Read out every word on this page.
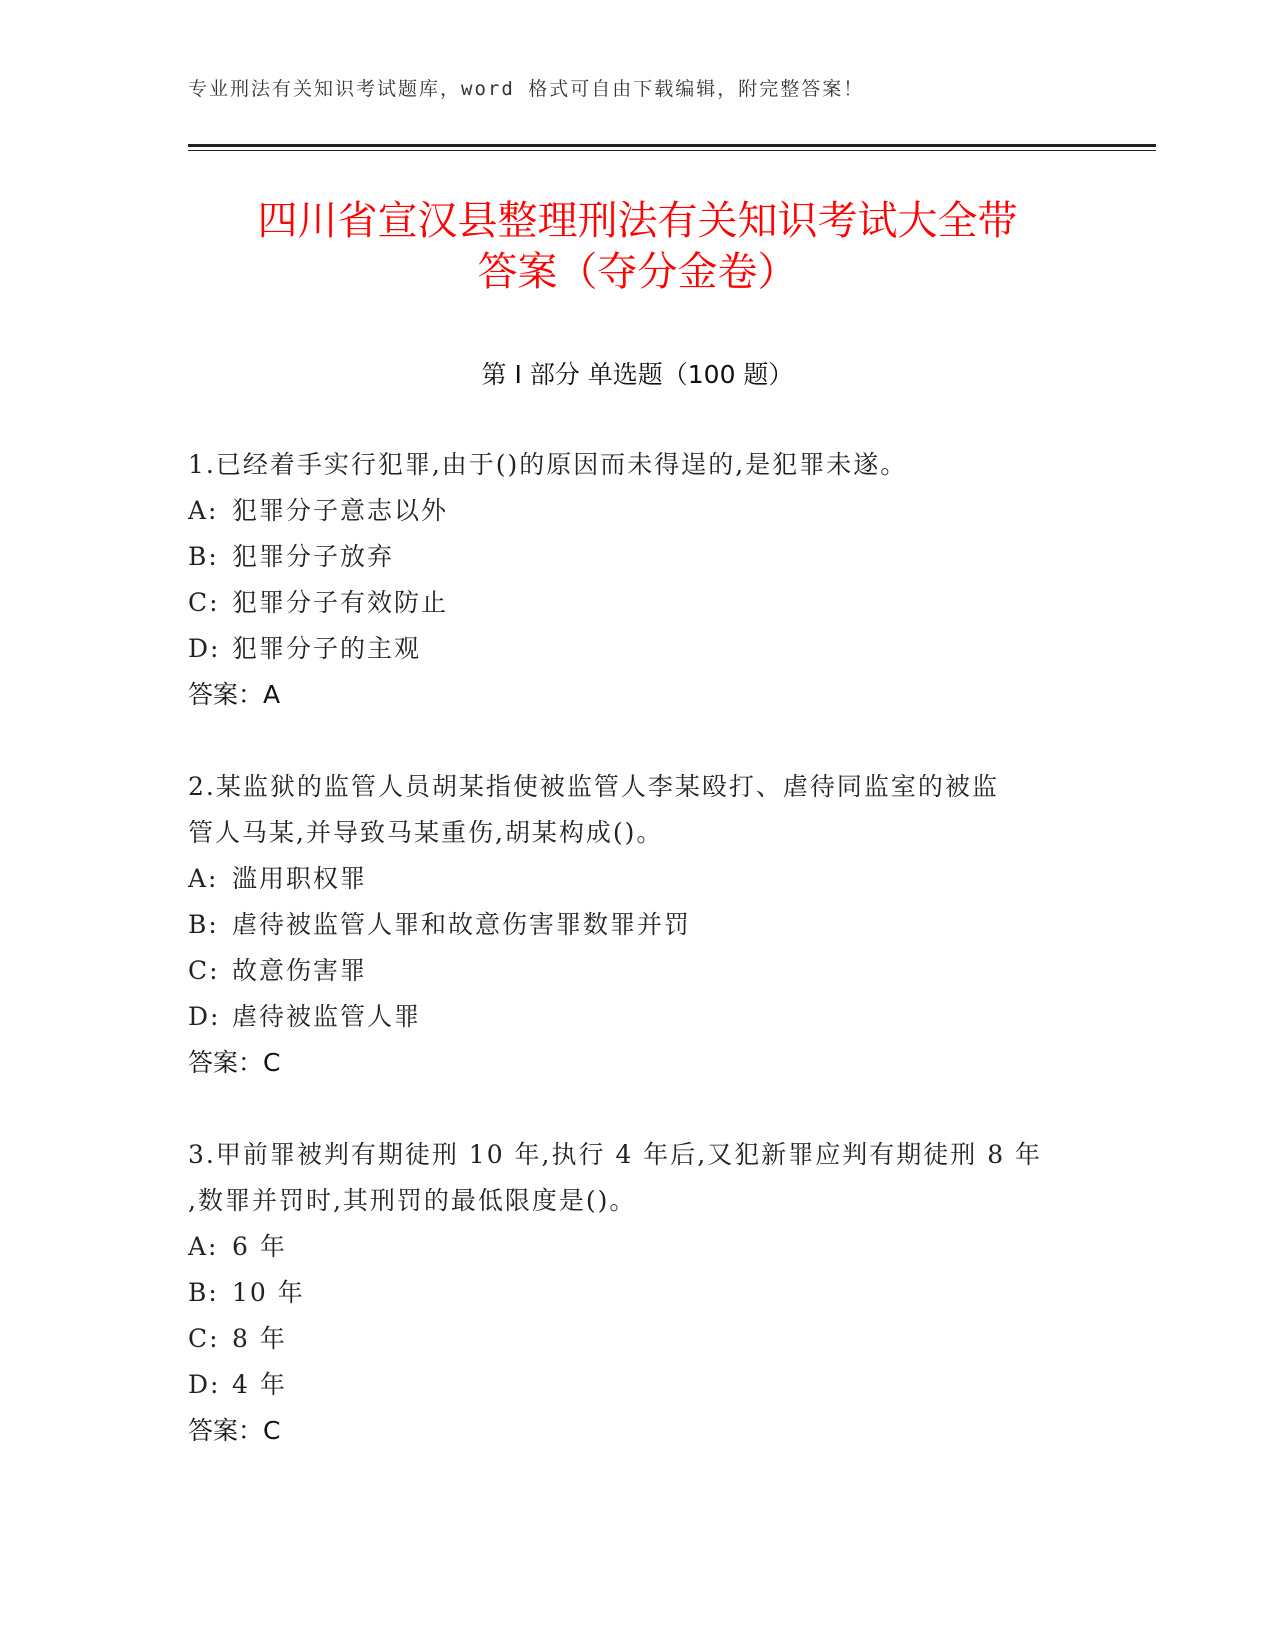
专业刑法有关知识考试题库，word 格式可自由下载编辑，附完整答案！
四川省宣汉县整理刑法有关知识考试大全带
答案（夺分金卷）
第 I 部分 单选题（100 题）
1.已经着手实行犯罪,由于()的原因而未得逞的,是犯罪未遂。
A: 犯罪分子意志以外
B: 犯罪分子放弃
C: 犯罪分子有效防止
D: 犯罪分子的主观
答案：A
2.某监狱的监管人员胡某指使被监管人李某殴打、虐待同监室的被监
管人马某,并导致马某重伤,胡某构成()。
A: 滥用职权罪
B: 虐待被监管人罪和故意伤害罪数罪并罚
C: 故意伤害罪
D: 虐待被监管人罪
答案：C
3.甲前罪被判有期徒刑 10 年,执行 4 年后,又犯新罪应判有期徒刑 8 年
,数罪并罚时,其刑罚的最低限度是()。
A: 6 年
B: 10 年
C: 8 年
D: 4 年
答案：C
